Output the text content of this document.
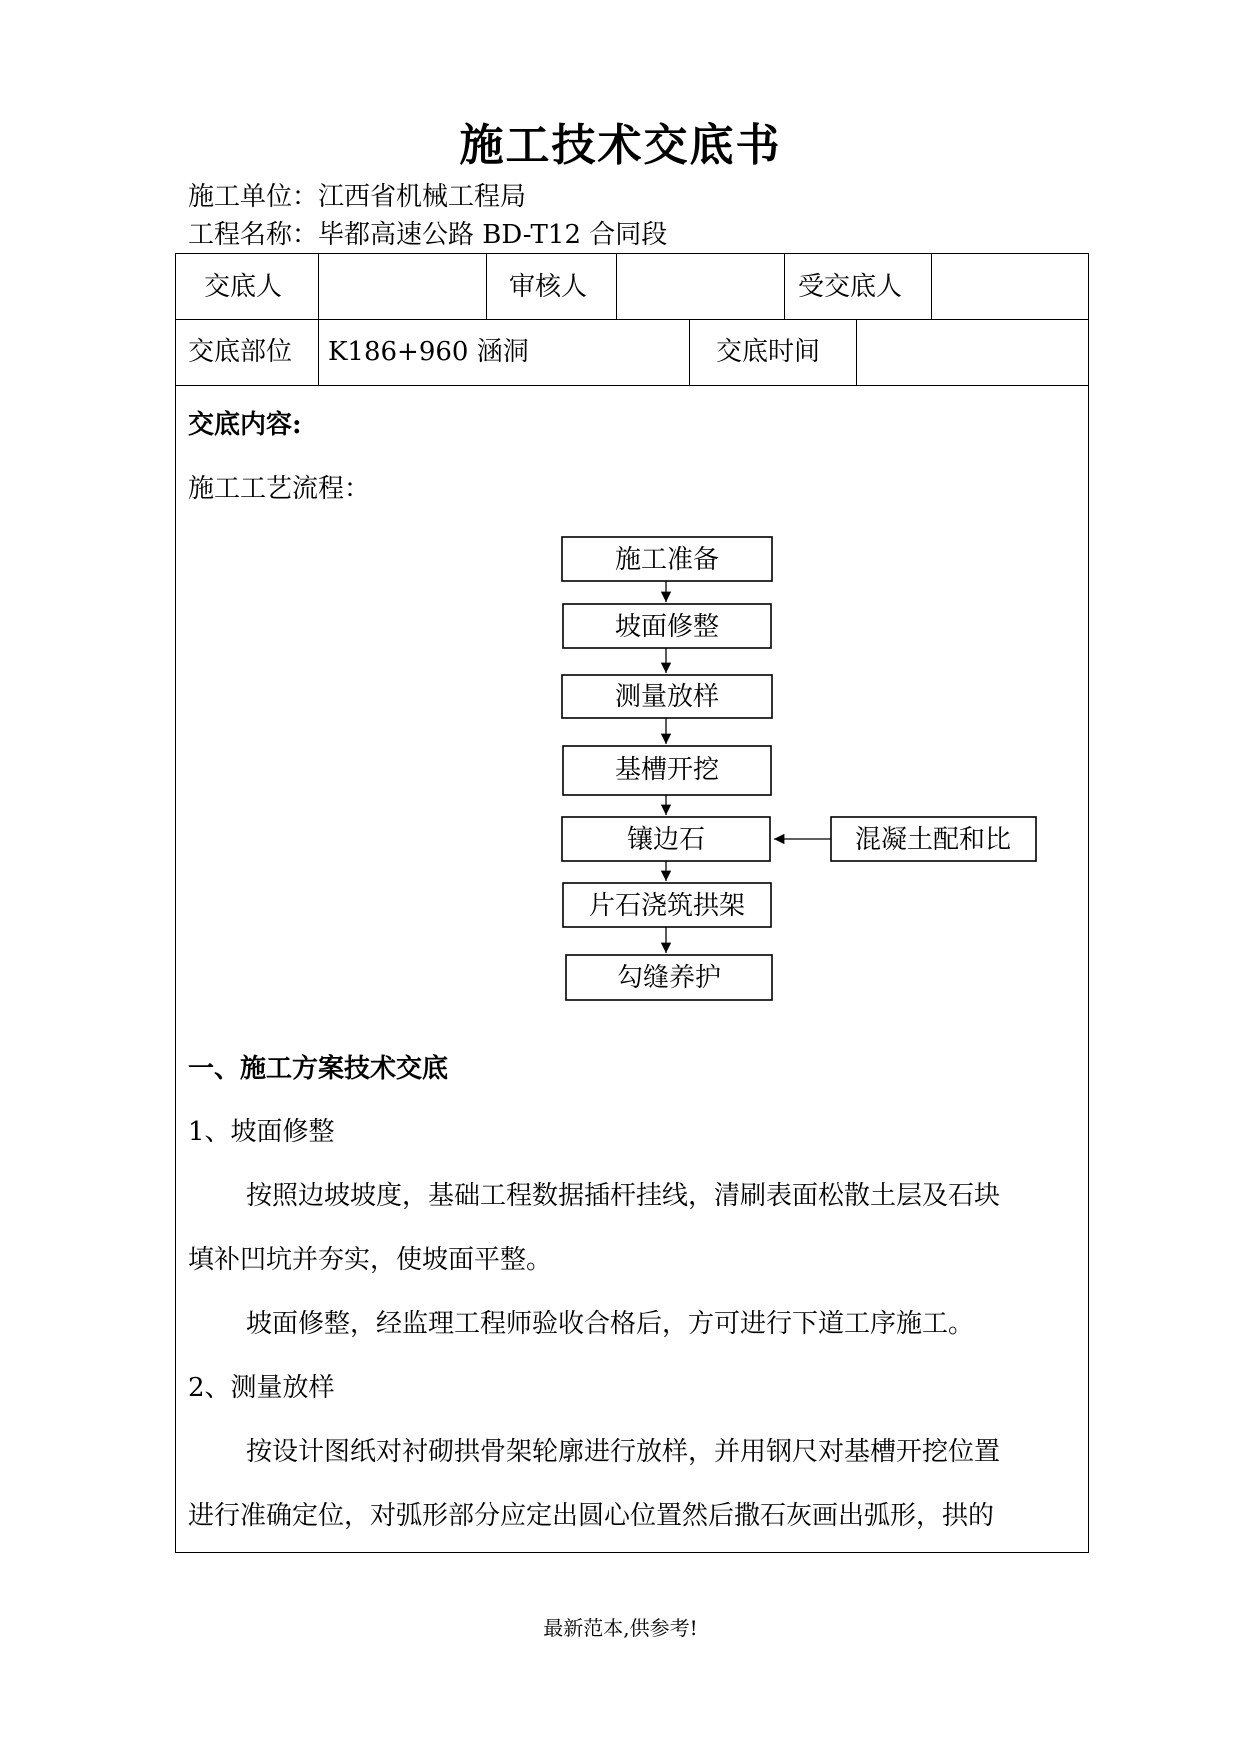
施工技术交底书
施工单位：江西省机械工程局
工程名称：毕都高速公路 BD-T12 合同段
交底人	审核人	受交底人
交底部位 K186+960 涵洞	交底时间
交底内容:
施工工艺流程：
施工准备
坡面修整
测量放样
基槽开挖
镶边石
片石浇筑拱架
勾缝养护
混凝土配和比
一、施工方案技术交底
1、坡面修整
按照边坡坡度，基础工程数据插杆挂线，清刷表面松散土层及石块
填补凹坑并夯实，使坡面平整。
坡面修整，经监理工程师验收合格后，方可进行下道工序施工。
2、测量放样
按设计图纸对衬砌拱骨架轮廓进行放样，并用钢尺对基槽开挖位置
进行准确定位，对弧形部分应定出圆心位置然后撒石灰画出弧形，拱的
最新范本,供参考!
